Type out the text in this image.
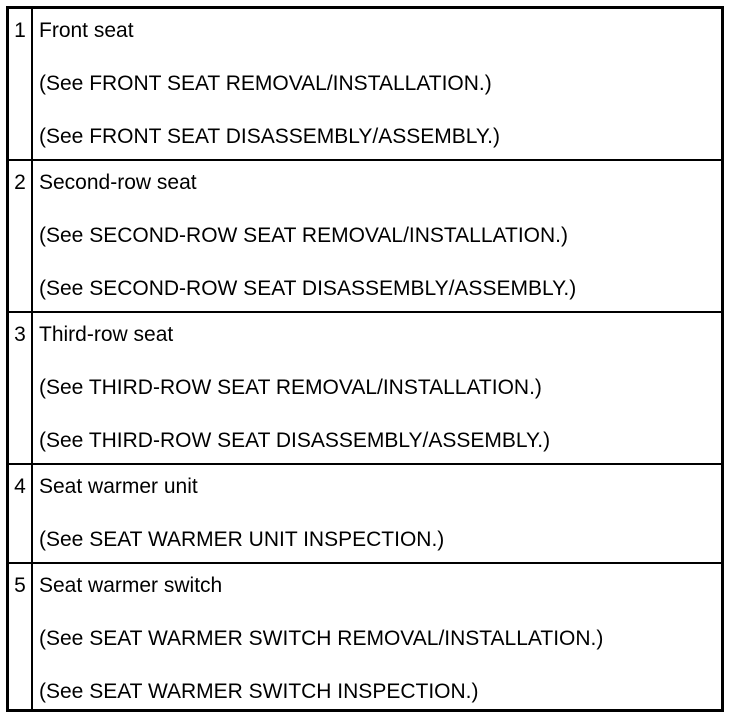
1 Front seat
(See FRONT SEAT REMOVAL/INSTALLATION.)
(See FRONT SEAT DISASSEMBLY/ASSEMBLY.)
2 Second-row seat
(See SECOND-ROW SEAT REMOVAL/INSTALLATION.)
(See SECOND-ROW SEAT DISASSEMBLY/ASSEMBLY.)
3 Third-row seat
(See THIRD-ROW SEAT REMOVAL/INSTALLATION.)
(See THIRD-ROW SEAT DISASSEMBLY/ASSEMBLY.)
4 Seat warmer unit
(See SEAT WARMER UNIT INSPECTION.)
5 Seat warmer switch
(See SEAT WARMER SWITCH REMOVAL/INSTALLATION.)
(See SEAT WARMER SWITCH INSPECTION.)
